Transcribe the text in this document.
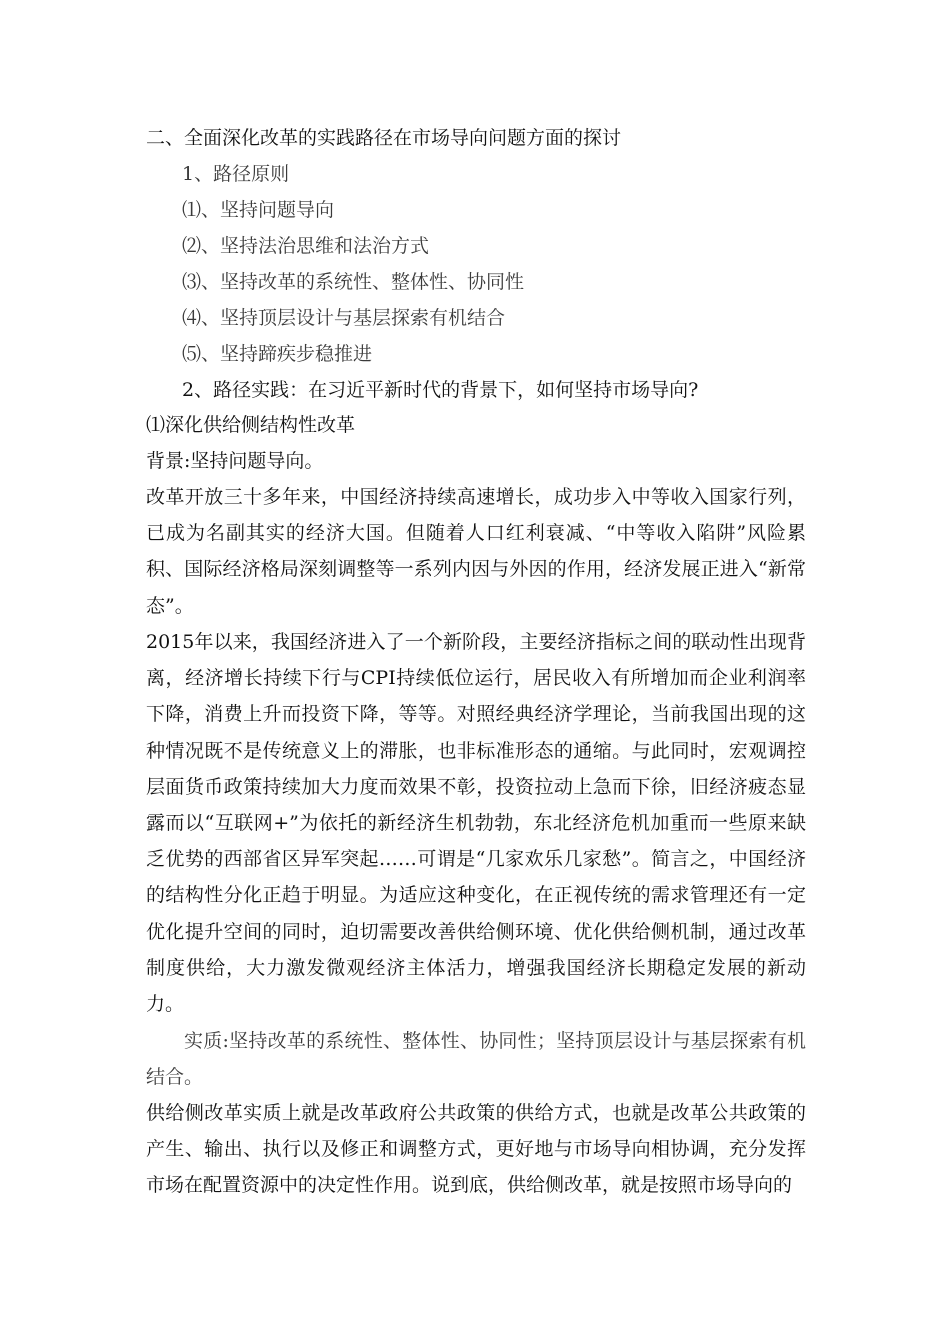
二、全面深化改革的实践路径在市场导向问题方面的探讨
1、路径原则
⑴、坚持问题导向
⑵、坚持法治思维和法治方式
⑶、坚持改革的系统性、整体性、协同性
⑷、坚持顶层设计与基层探索有机结合
⑸、坚持蹄疾步稳推进
2、路径实践：在习近平新时代的背景下，如何坚持市场导向?
⑴深化供给侧结构性改革
背景:坚持问题导向。

改革开放三十多年来，中国经济持续高速增长，成功步入中等收入国家行列，已成为名副其实的经济大国。但随着人口红利衰减、“中等收入陷阱”风险累积、国际经济格局深刻调整等一系列内因与外因的作用，经济发展正进入“新常态”。

2015年以来，我国经济进入了一个新阶段，主要经济指标之间的联动性出现背离，经济增长持续下行与CPI持续低位运行，居民收入有所增加而企业利润率下降，消费上升而投资下降，等等。对照经典经济学理论，当前我国出现的这种情况既不是传统意义上的滞胀，也非标准形态的通缩。与此同时，宏观调控层面货币政策持续加大力度而效果不彰，投资拉动上急而下徐，旧经济疲态显露而以“互联网+”为依托的新经济生机勃勃，东北经济危机加重而一些原来缺乏优势的西部省区异军突起……可谓是“几家欢乐几家愁”。简言之，中国经济的结构性分化正趋于明显。为适应这种变化，在正视传统的需求管理还有一定优化提升空间的同时，迫切需要改善供给侧环境、优化供给侧机制，通过改革制度供给，大力激发微观经济主体活力，增强我国经济长期稳定发展的新动力。

实质:坚持改革的系统性、整体性、协同性；坚持顶层设计与基层探索有机结合。

供给侧改革实质上就是改革政府公共政策的供给方式，也就是改革公共政策的产生、输出、执行以及修正和调整方式，更好地与市场导向相协调，充分发挥市场在配置资源中的决定性作用。说到底，供给侧改革，就是按照市场导向的
